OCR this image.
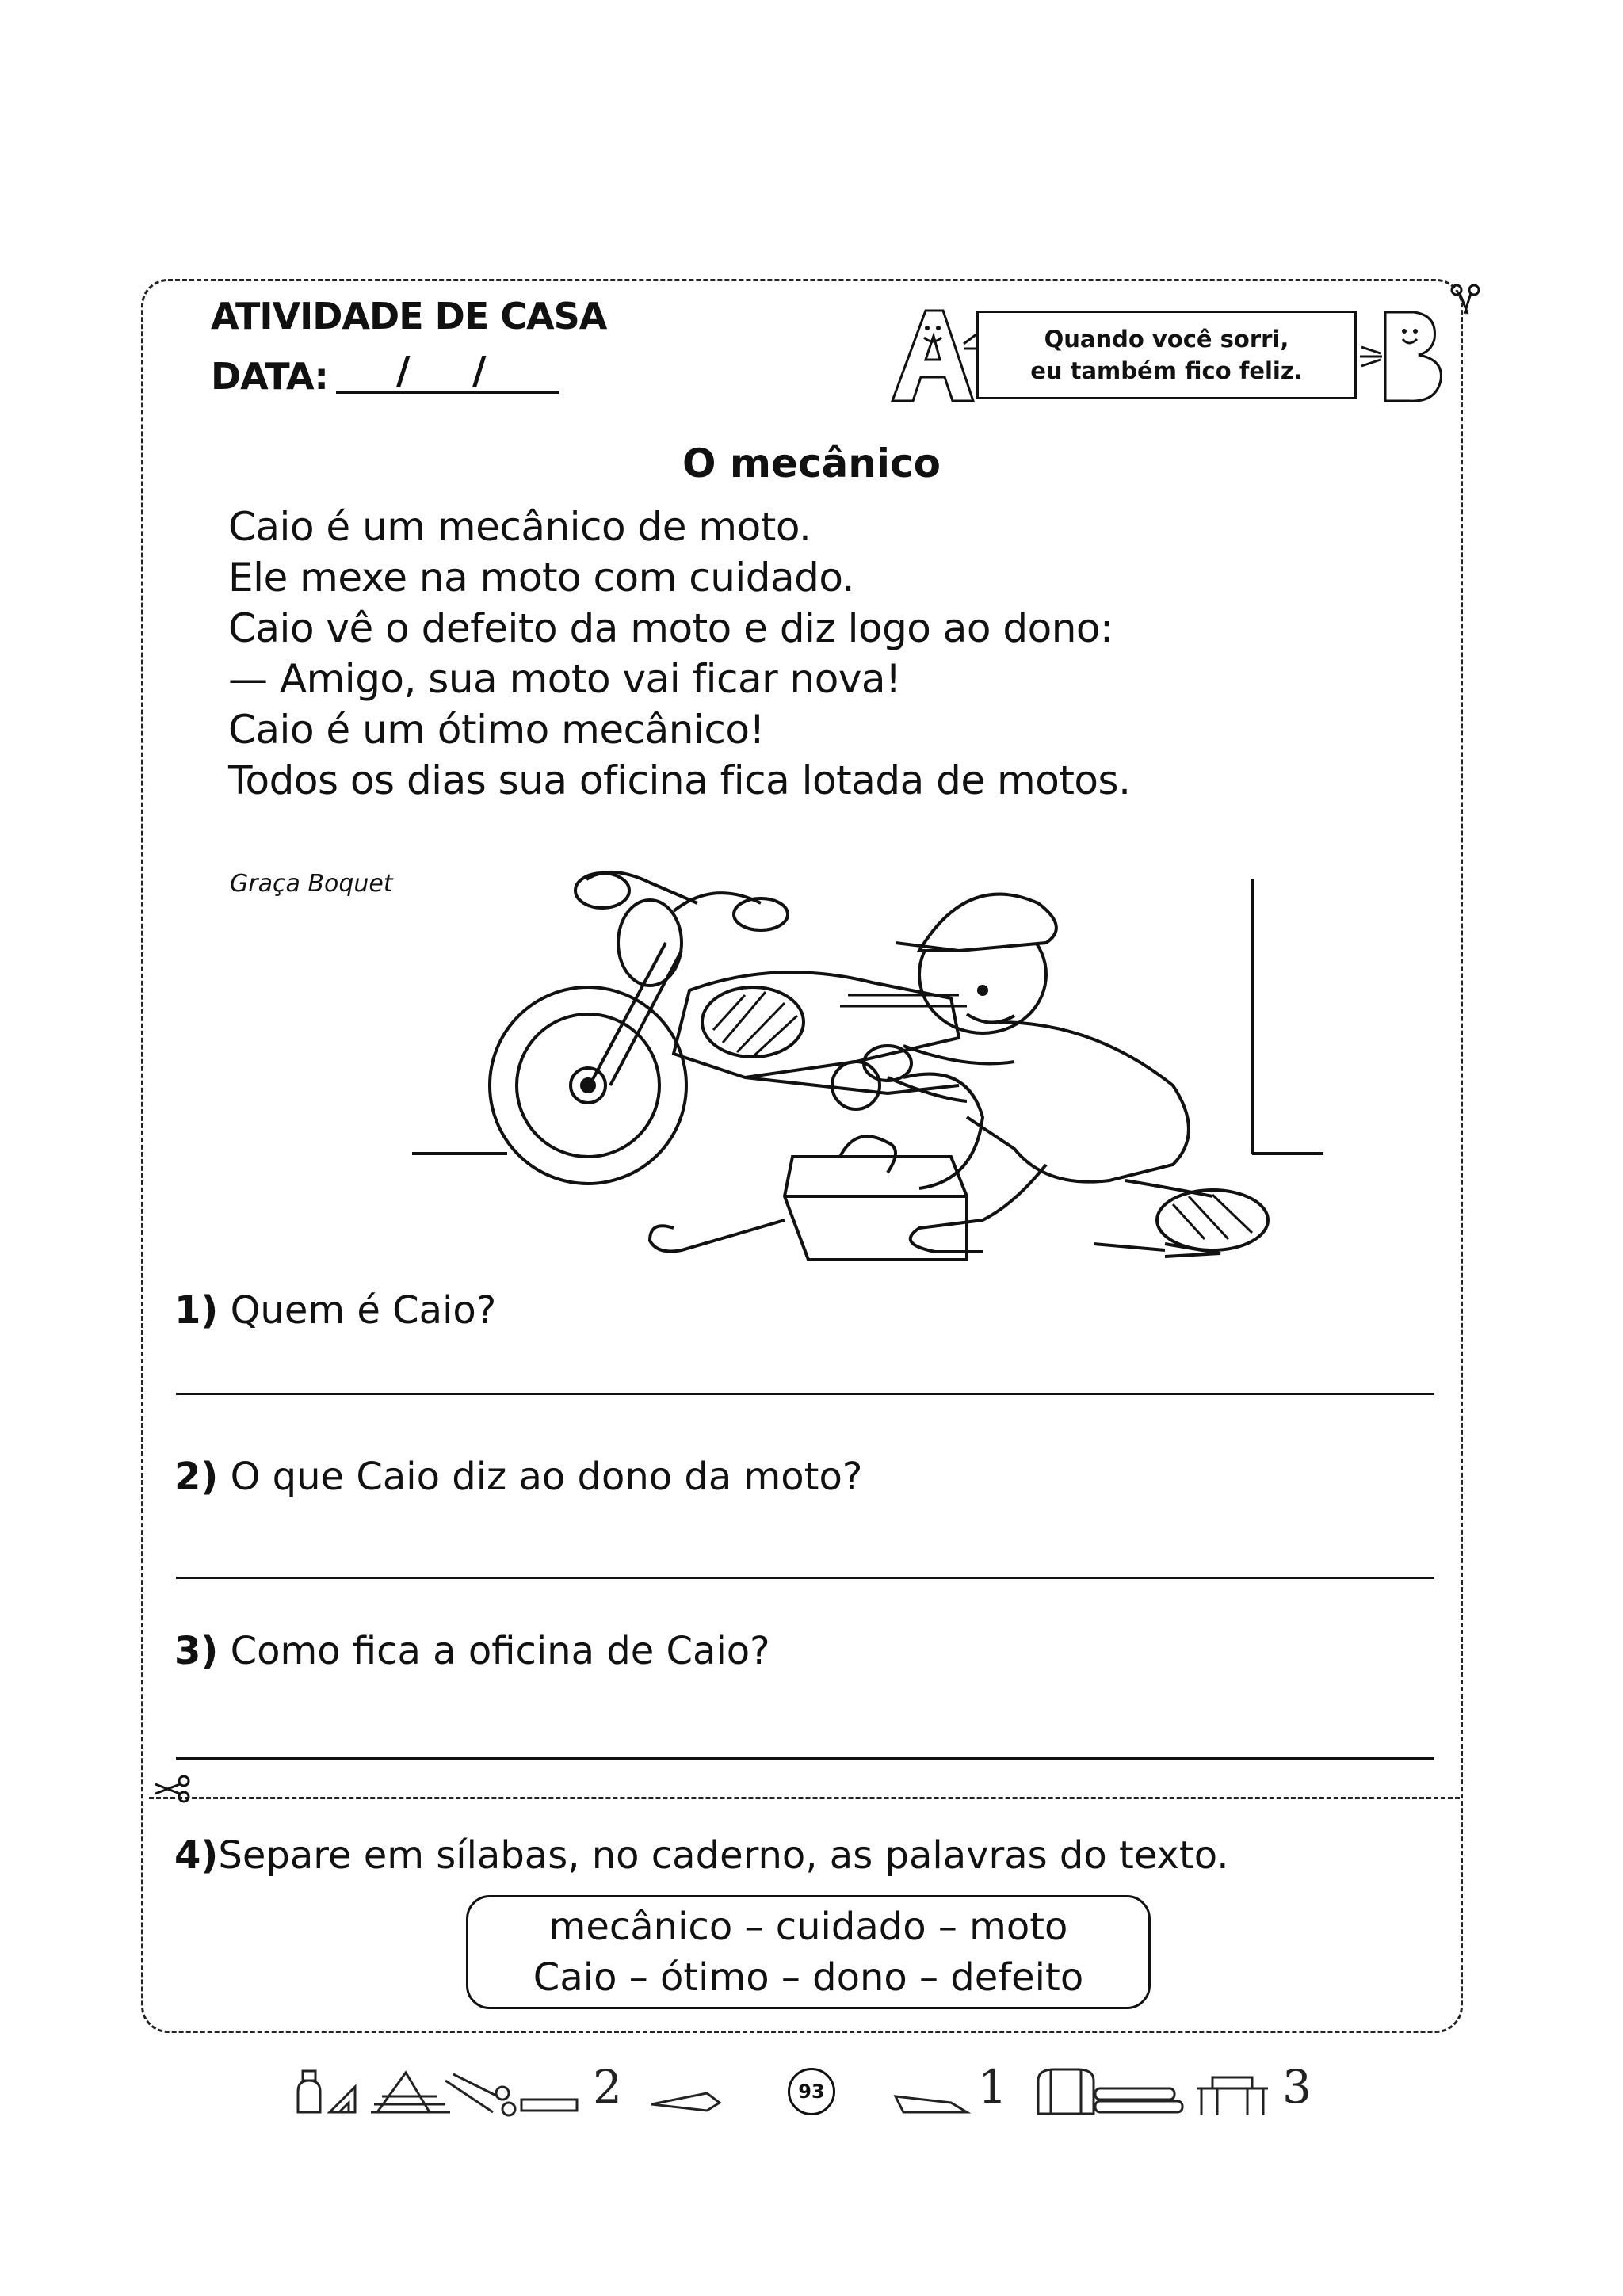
ATIVIDADE DE CASA
DATA: / /
Quando você sorri,
eu também fico feliz.
O mecânico
Caio é um mecânico de moto.
Ele mexe na moto com cuidado.
Caio vê o defeito da moto e diz logo ao dono:
— Amigo, sua moto vai ficar nova!
Caio é um ótimo mecânico!
Todos os dias sua oficina fica lotada de motos.
Graça Boquet
1) Quem é Caio?
2) O que Caio diz ao dono da moto?
3) Como fica a oficina de Caio?
4)Separe em sílabas, no caderno, as palavras do texto.
mecânico – cuidado – moto
Caio – ótimo – dono – defeito
2	1	3
93
